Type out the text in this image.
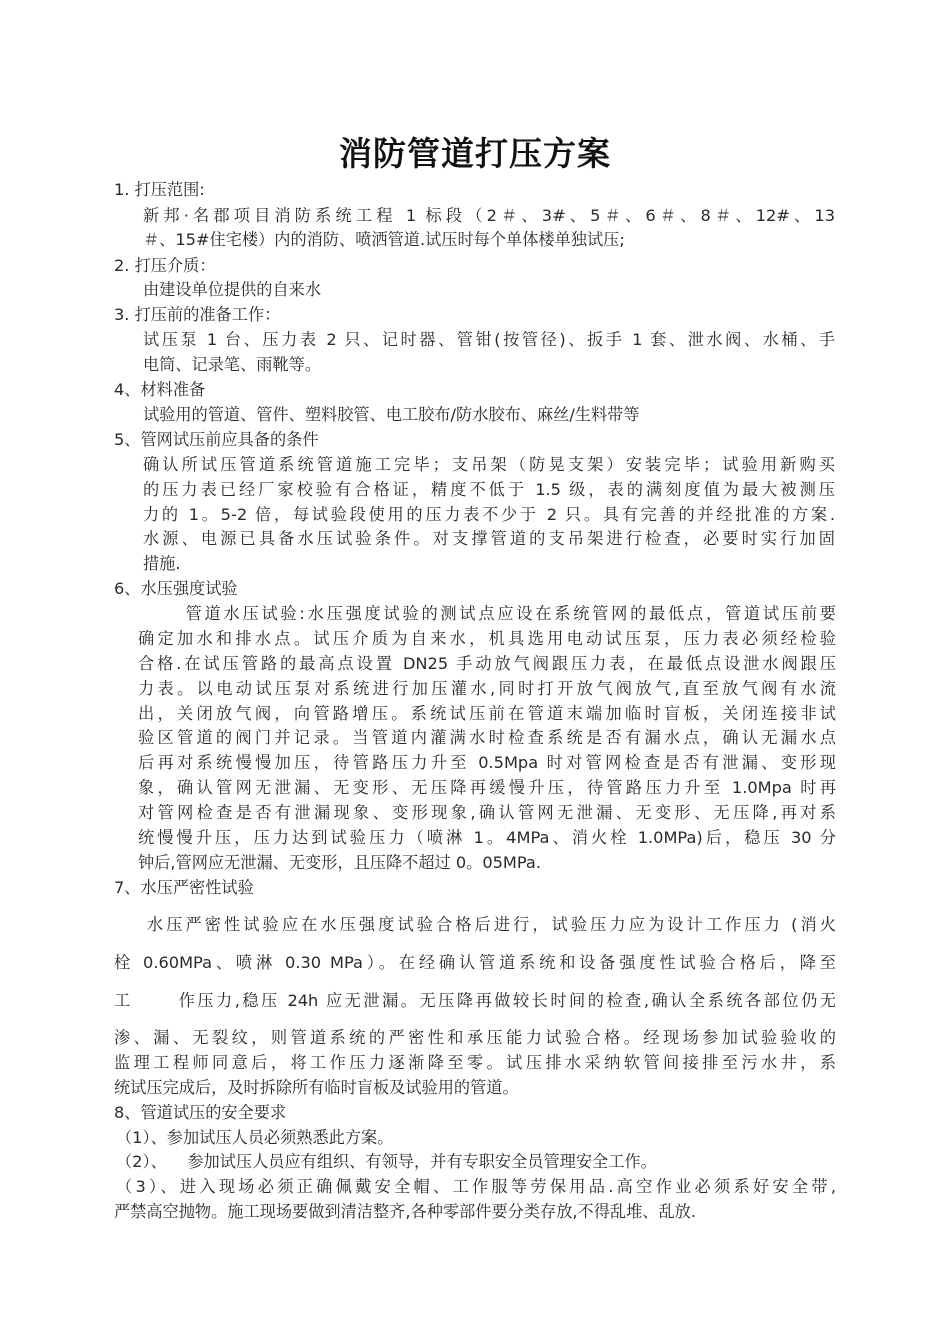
消防管道打压方案
1. 打压范围:
新邦·名郡项目消防系统工程 1 标段（2＃、3#、5＃、6＃、8＃、12#、13
＃、15#住宅楼）内的消防、喷洒管道.试压时每个单体楼单独试压;
2. 打压介质：
由建设单位提供的自来水
3. 打压前的准备工作：
试压泵 1 台、压力表 2 只、记时器、管钳(按管径)、扳手 1 套、泄水阀、水桶、手
电筒、记录笔、雨靴等。
4、材料准备
试验用的管道、管件、塑料胶管、电工胶布/防水胶布、麻丝/生料带等
5、管网试压前应具备的条件
确认所试压管道系统管道施工完毕；支吊架（防晃支架）安装完毕；试验用新购买
的压力表已经厂家校验有合格证，精度不低于 1.5 级，表的满刻度值为最大被测压
力的 1。5-2 倍，每试验段使用的压力表不少于 2 只。具有完善的并经批准的方案.
水源、电源已具备水压试验条件。对支撑管道的支吊架进行检查，必要时实行加固
措施.
6、水压强度试验
管道水压试验:水压强度试验的测试点应设在系统管网的最低点，管道试压前要
确定加水和排水点。试压介质为自来水，机具选用电动试压泵，压力表必须经检验
合格.在试压管路的最高点设置 DN25 手动放气阀跟压力表，在最低点设泄水阀跟压
力表。以电动试压泵对系统进行加压灌水,同时打开放气阀放气,直至放气阀有水流
出，关闭放气阀，向管路增压。系统试压前在管道末端加临时盲板，关闭连接非试
验区管道的阀门并记录。当管道内灌满水时检查系统是否有漏水点，确认无漏水点
后再对系统慢慢加压，待管路压力升至 0.5Mpa 时对管网检查是否有泄漏、变形现
象，确认管网无泄漏、无变形、无压降再缓慢升压，待管路压力升至 1.0Mpa 时再
对管网检查是否有泄漏现象、变形现象,确认管网无泄漏、无变形、无压降,再对系
统慢慢升压，压力达到试验压力（喷淋 1。4MPa、消火栓 1.0MPa)后，稳压 30 分
钟后,管网应无泄漏、无变形，且压降不超过 0。05MPa.
7、水压严密性试验
水压严密性试验应在水压强度试验合格后进行，试验压力应为设计工作压力 (消火
栓 0.60MPa、喷淋 0.30 MPa）。在经确认管道系统和设备强度性试验合格后，降至
工      作压力,稳压 24h 应无泄漏。无压降再做较长时间的检查,确认全系统各部位仍无
渗、漏、无裂纹，则管道系统的严密性和承压能力试验合格。经现场参加试验验收的
监理工程师同意后，将工作压力逐渐降至零。试压排水采纳软管间接排至污水井，系
统试压完成后，及时拆除所有临时盲板及试验用的管道。
8、管道试压的安全要求
（1）、参加试压人员必须熟悉此方案。
（2）、    参加试压人员应有组织、有领导，并有专职安全员管理安全工作。
（3）、进入现场必须正确佩戴安全帽、工作服等劳保用品.高空作业必须系好安全带,
严禁高空抛物。施工现场要做到清洁整齐,各种零部件要分类存放,不得乱堆、乱放.
